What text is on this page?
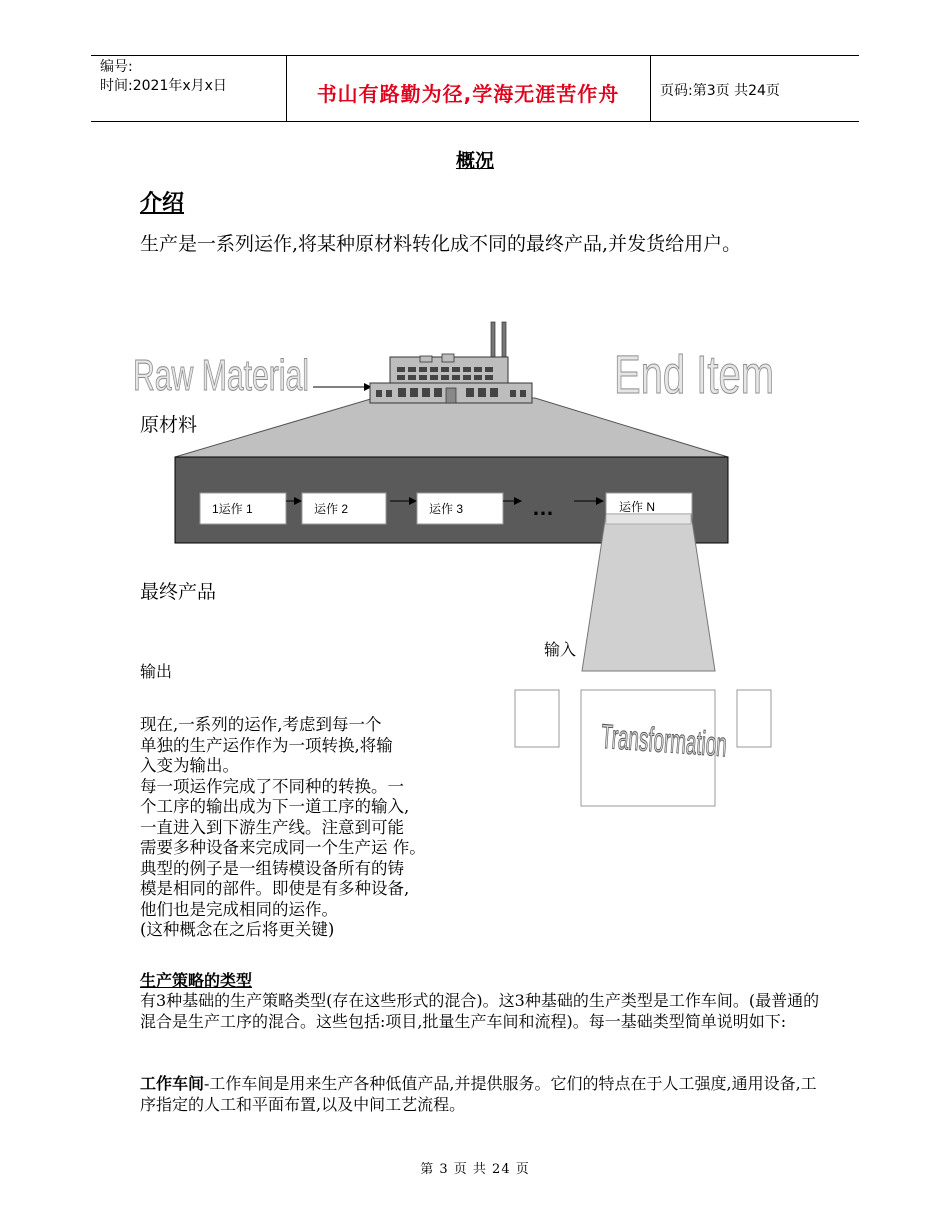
编号:
时间:2021年x月x日	书山有路勤为径,学海无涯苦作舟	页码:第3页 共24页
概况
介绍
生产是一系列运作,将某种原材料转化成不同的最终产品,并发货给用户。
Raw Material	End Item
1运作 1	运作 2	运作 3	…	运作 N
Transformation
原材料
最终产品
输入
输出
现在,一系列的运作,考虑到每一个
单独的生产运作作为一项转换,将输
入变为输出。
每一项运作完成了不同种的转换。一
个工序的输出成为下一道工序的输入,
一直进入到下游生产线。注意到可能
需要多种设备来完成同一个生产运 作。
典型的例子是一组铸模设备所有的铸
模是相同的部件。即使是有多种设备,
他们也是完成相同的运作。
(这种概念在之后将更关键)
生产策略的类型
有3种基础的生产策略类型(存在这些形式的混合)。这3种基础的生产类型是工作车间。(最普通的混合是生产工序的混合。这些包括:项目,批量生产车间和流程)。每一基础类型简单说明如下:
工作车间-工作车间是用来生产各种低值产品,并提供服务。它们的特点在于人工强度,通用设备,工序指定的人工和平面布置,以及中间工艺流程。
第 3 页 共 24 页
